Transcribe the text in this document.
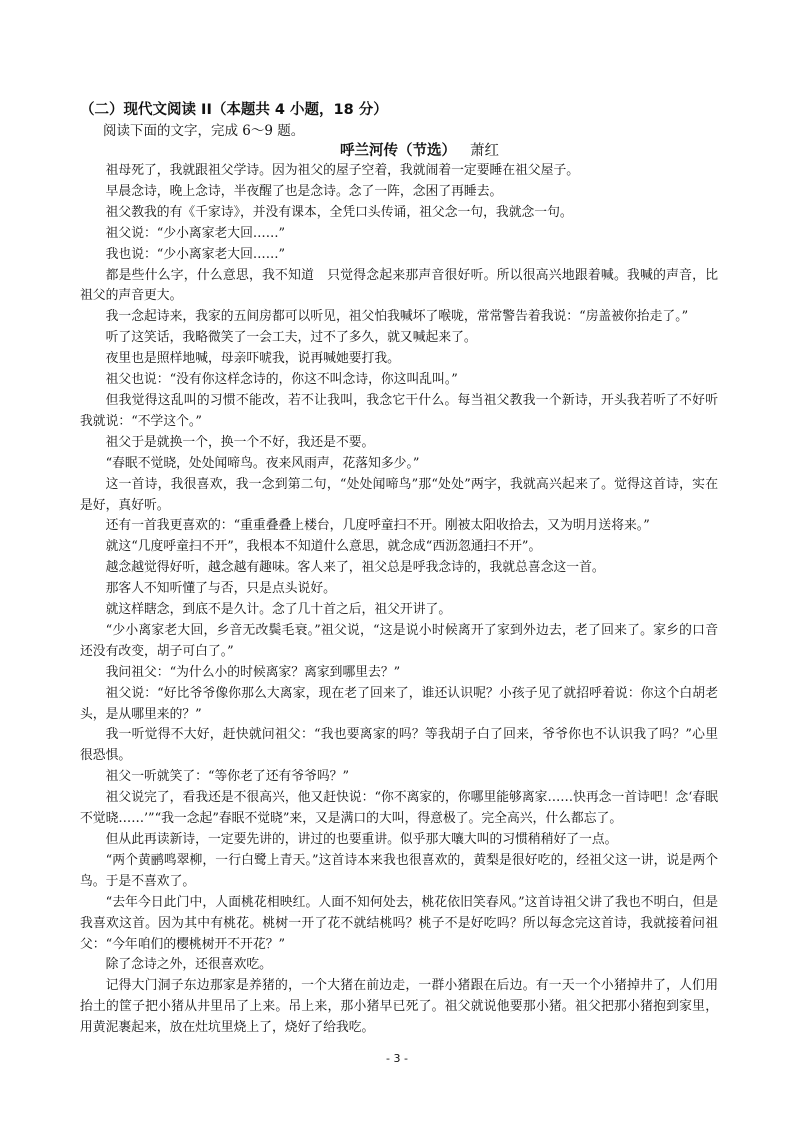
（二）现代文阅读 II（本题共 4 小题，18 分）
阅读下面的文字，完成 6～9 题。
呼兰河传（节选） 萧红

祖母死了，我就跟祖父学诗。因为祖父的屋子空着，我就闹着一定要睡在祖父屋子。

早晨念诗，晚上念诗，半夜醒了也是念诗。念了一阵，念困了再睡去。

祖父教我的有《千家诗》，并没有课本，全凭口头传诵，祖父念一句，我就念一句。

祖父说：“少小离家老大回……”

我也说：“少小离家老大回……”

都是些什么字，什么意思，我不知道　只觉得念起来那声音很好听。所以很高兴地跟着喊。我喊的声音，比祖父的声音更大。

我一念起诗来，我家的五间房都可以听见，祖父怕我喊坏了喉咙，常常警告着我说：“房盖被你抬走了。”

听了这笑话，我略微笑了一会工夫，过不了多久，就又喊起来了。

夜里也是照样地喊，母亲吓唬我，说再喊她要打我。

祖父也说：“没有你这样念诗的，你这不叫念诗，你这叫乱叫。”

但我觉得这乱叫的习惯不能改，若不让我叫，我念它干什么。每当祖父教我一个新诗，开头我若听了不好听 我就说：“不学这个。”

祖父于是就换一个，换一个不好，我还是不要。

“春眠不觉晓，处处闻啼鸟。夜来风雨声，花落知多少。”

这一首诗，我很喜欢，我一念到第二句，“处处闻啼鸟”那“处处”两字，我就高兴起来了。觉得这首诗，实在是好，真好听。

还有一首我更喜欢的：“重重叠叠上楼台，几度呼童扫不开。刚被太阳收拾去，又为明月送将来。”

就这“几度呼童扫不开”，我根本不知道什么意思，就念成“西沥忽通扫不开”。

越念越觉得好听，越念越有趣味。客人来了，祖父总是呼我念诗的，我就总喜念这一首。

那客人不知听懂了与否，只是点头说好。

就这样瞎念，到底不是久计。念了几十首之后，祖父开讲了。

“少小离家老大回，乡音无改鬓毛衰。”祖父说，“这是说小时候离开了家到外边去，老了回来了。家乡的口音还没有改变，胡子可白了。”

我问祖父：“为什么小的时候离家？离家到哪里去？”

祖父说：“好比爷爷像你那么大离家，现在老了回来了，谁还认识呢？小孩子见了就招呼着说：你这个白胡老头，是从哪里来的？”

我一听觉得不大好，赶快就问祖父：“我也要离家的吗？等我胡子白了回来，爷爷你也不认识我了吗？”心里很恐惧。

祖父一听就笑了：“等你老了还有爷爷吗？”

祖父说完了，看我还是不很高兴，他又赶快说：“你不离家的，你哪里能够离家……快再念一首诗吧！念‘春眠不觉晓……’”“我一念起”春眠不觉晓”来，又是满口的大叫，得意极了。完全高兴，什么都忘了。

但从此再读新诗，一定要先讲的，讲过的也要重讲。似乎那大嚷大叫的习惯稍稍好了一点。

“两个黄鹂鸣翠柳，一行白鹭上青天。”这首诗本来我也很喜欢的，黄梨是很好吃的，经祖父这一讲，说是两个鸟。于是不喜欢了。

“去年今日此门中，人面桃花相映红。人面不知何处去，桃花依旧笑春风。”这首诗祖父讲了我也不明白，但是我喜欢这首。因为其中有桃花。桃树一开了花不就结桃吗？桃子不是好吃吗？所以每念完这首诗，我就接着问祖父：“今年咱们的樱桃树开不开花？”

除了念诗之外，还很喜欢吃。

记得大门洞子东边那家是养猪的，一个大猪在前边走，一群小猪跟在后边。有一天一个小猪掉井了，人们用抬土的筐子把小猪从井里吊了上来。吊上来，那小猪早已死了。祖父就说他要那小猪。祖父把那小猪抱到家里，用黄泥裹起来，放在灶坑里烧上了，烧好了给我吃。

- 3 -
